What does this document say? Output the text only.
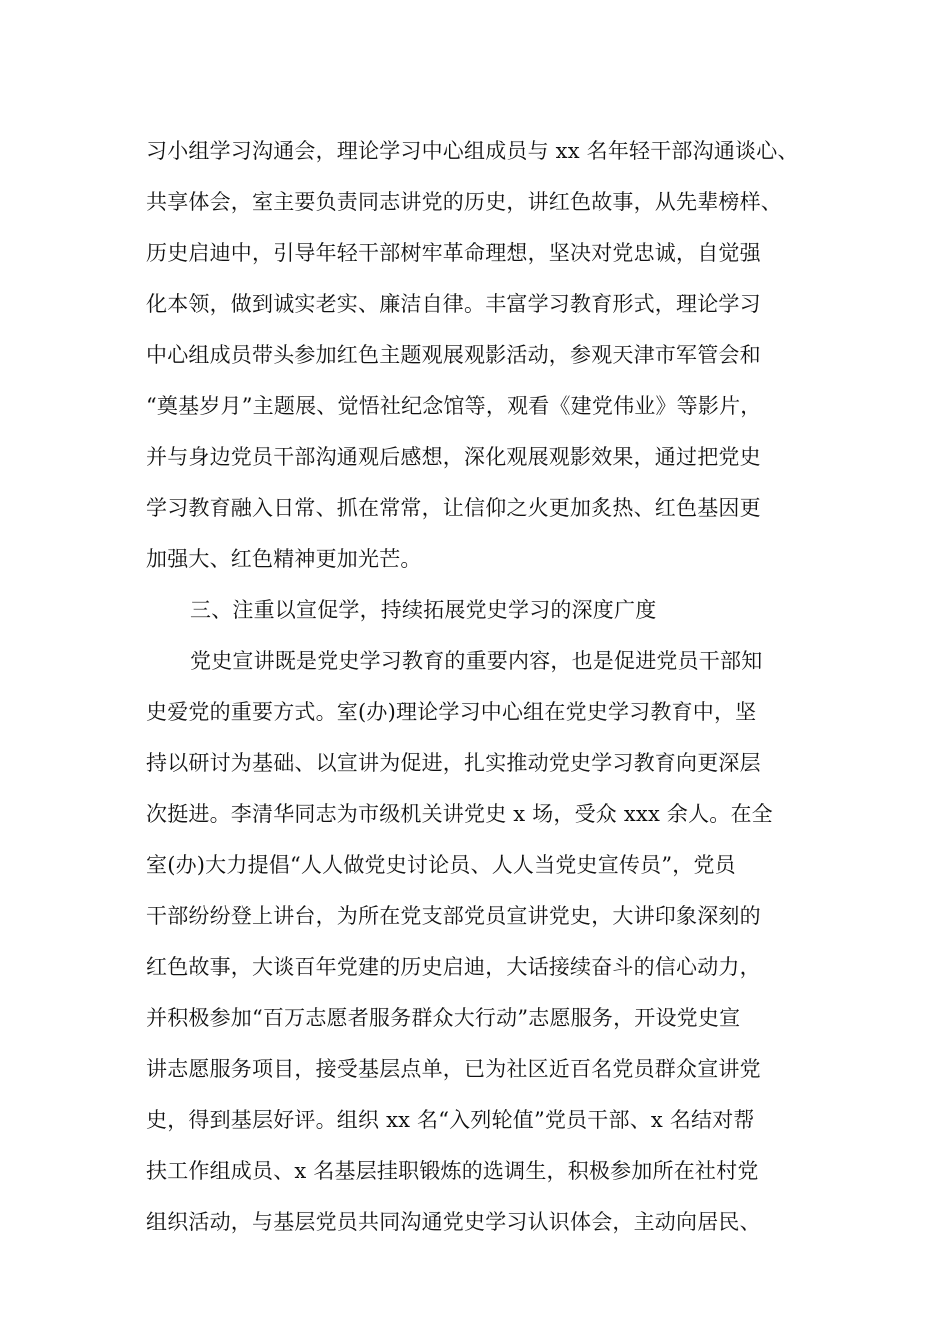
习小组学习沟通会，理论学习中心组成员与 xx 名年轻干部沟通谈心、
共享体会，室主要负责同志讲党的历史，讲红色故事，从先辈榜样、
历史启迪中，引导年轻干部树牢革命理想，坚决对党忠诚，自觉强
化本领，做到诚实老实、廉洁自律。丰富学习教育形式，理论学习
中心组成员带头参加红色主题观展观影活动，参观天津市军管会和
“奠基岁月”主题展、觉悟社纪念馆等，观看《建党伟业》等影片，
并与身边党员干部沟通观后感想，深化观展观影效果，通过把党史
学习教育融入日常、抓在常常，让信仰之火更加炙热、红色基因更
加强大、红色精神更加光芒。
三、注重以宣促学，持续拓展党史学习的深度广度
党史宣讲既是党史学习教育的重要内容，也是促进党员干部知
史爱党的重要方式。室(办)理论学习中心组在党史学习教育中，坚
持以研讨为基础、以宣讲为促进，扎实推动党史学习教育向更深层
次挺进。李清华同志为市级机关讲党史 x 场，受众 xxx 余人。在全
室(办)大力提倡“人人做党史讨论员、人人当党史宣传员”，党员
干部纷纷登上讲台，为所在党支部党员宣讲党史，大讲印象深刻的
红色故事，大谈百年党建的历史启迪，大话接续奋斗的信心动力，
并积极参加“百万志愿者服务群众大行动”志愿服务，开设党史宣
讲志愿服务项目，接受基层点单，已为社区近百名党员群众宣讲党
史，得到基层好评。组织 xx 名“入列轮值”党员干部、x 名结对帮
扶工作组成员、x 名基层挂职锻炼的选调生，积极参加所在社村党
组织活动，与基层党员共同沟通党史学习认识体会，主动向居民、
